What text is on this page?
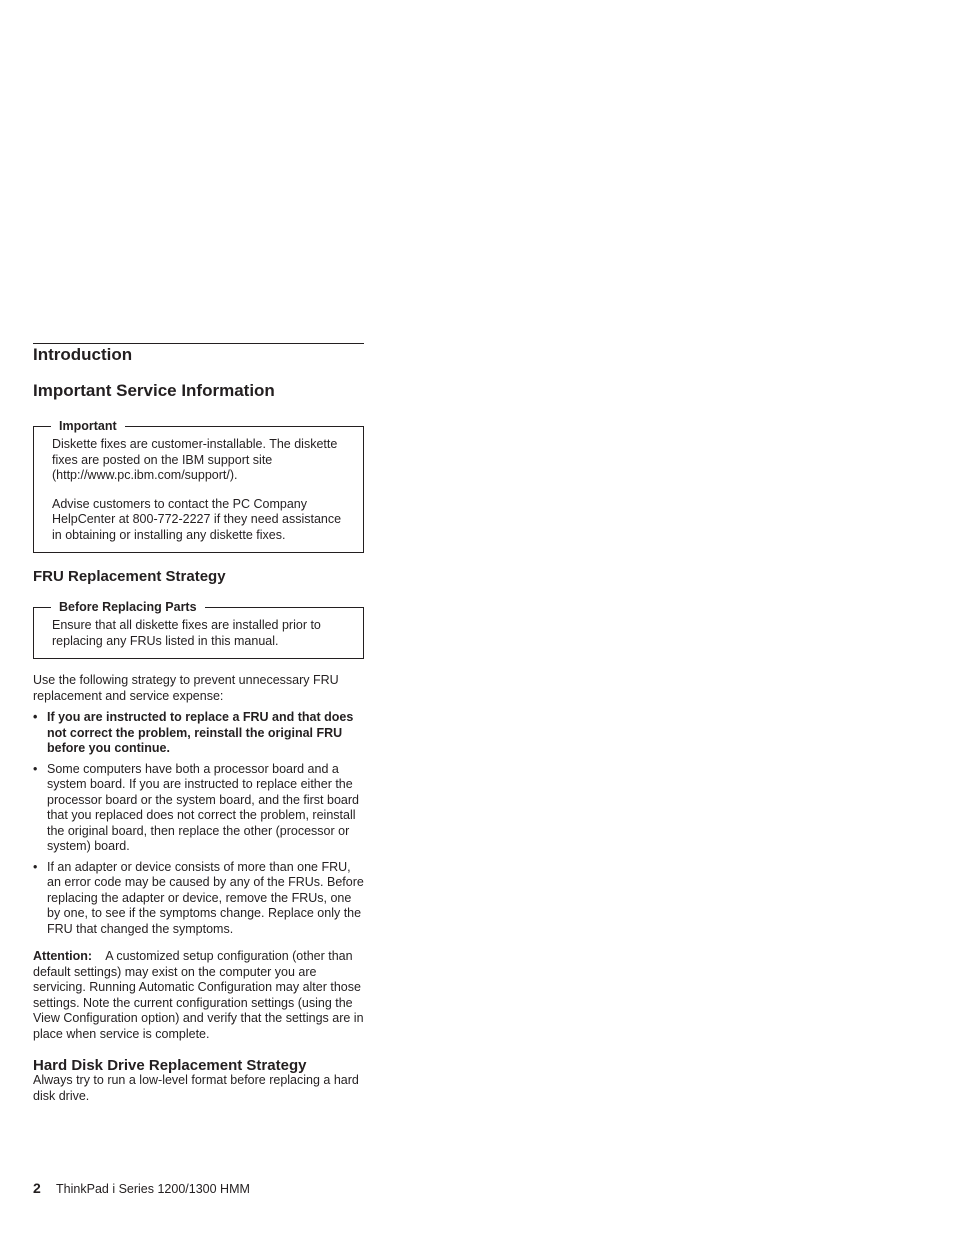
Introduction
Important Service Information
Important

Diskette fixes are customer-installable. The diskette fixes are posted on the IBM support site (http://www.pc.ibm.com/support/).

Advise customers to contact the PC Company HelpCenter at 800-772-2227 if they need assistance in obtaining or installing any diskette fixes.

FRU Replacement Strategy
Before Replacing Parts

Ensure that all diskette fixes are installed prior to replacing any FRUs listed in this manual.

Use the following strategy to prevent unnecessary FRU replacement and service expense:

• If you are instructed to replace a FRU and that does not correct the problem, reinstall the original FRU before you continue.
• Some computers have both a processor board and a system board. If you are instructed to replace either the processor board or the system board, and the first board that you replaced does not correct the problem, reinstall the original board, then replace the other (processor or system) board.
• If an adapter or device consists of more than one FRU, an error code may be caused by any of the FRUs. Before replacing the adapter or device, remove the FRUs, one by one, to see if the symptoms change. Replace only the FRU that changed the symptoms.

Attention: A customized setup configuration (other than default settings) may exist on the computer you are servicing. Running Automatic Configuration may alter those settings. Note the current configuration settings (using the View Configuration option) and verify that the settings are in place when service is complete.

Hard Disk Drive Replacement Strategy

Always try to run a low-level format before replacing a hard disk drive.

2 ThinkPad i Series 1200/1300 HMM
